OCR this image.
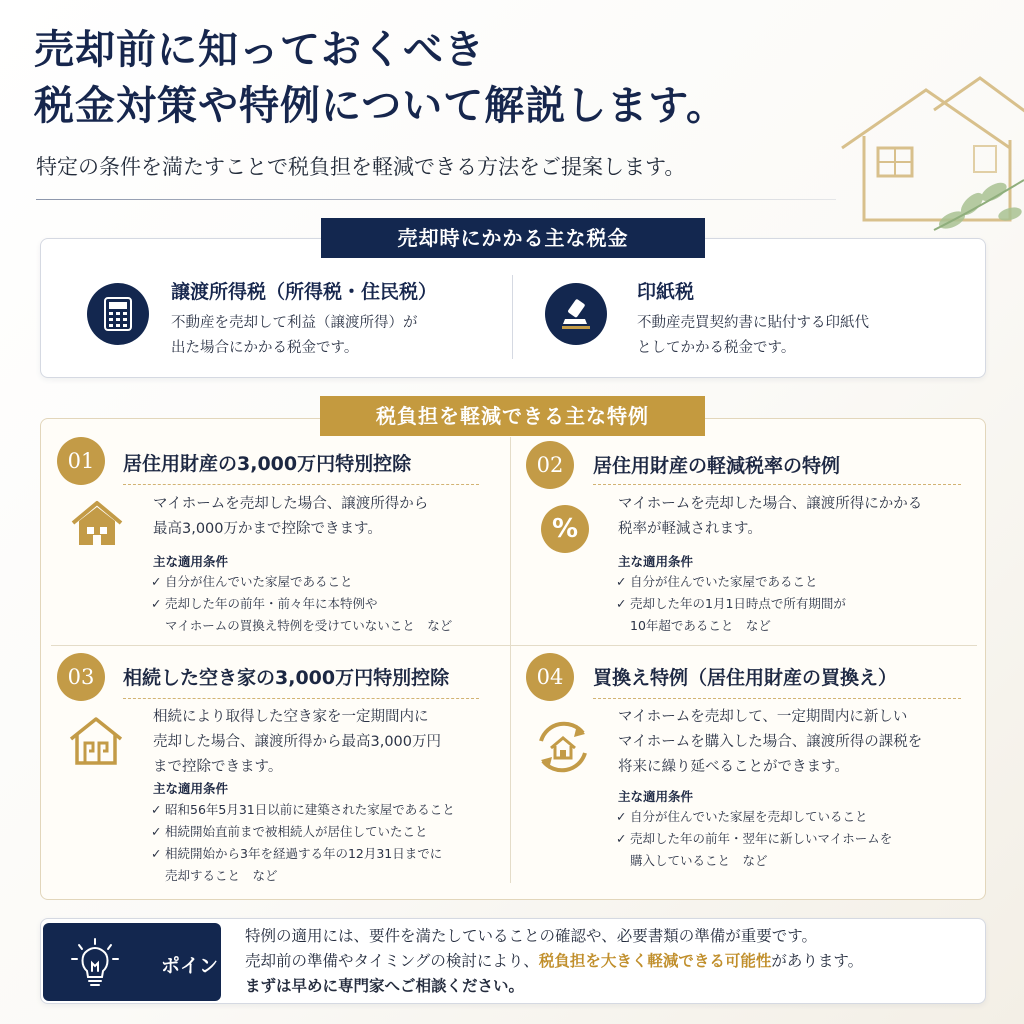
売却前に知っておくべき
税金対策や特例について解説します。

特定の条件を満たすことで税負担を軽減できる方法をご提案します。

売却時にかかる主な税金
譲渡所得税（所得税・住民税）
不動産を売却して利益（譲渡所得）が
出た場合にかかる税金です。
印紙税
不動産売買契約書に貼付する印紙代
としてかかる税金です。
税負担を軽減できる主な特例
01	居住用財産の3,000万円特別控除
マイホームを売却した場合、譲渡所得から
最高3,000万かまで控除できます。
主な適用条件
✓ 自分が住んでいた家屋であること
✓ 売却した年の前年・前々年に本特例や
マイホームの買換え特例を受けていないこと　など
02	居住用財産の軽減税率の特例
%
マイホームを売却した場合、譲渡所得にかかる
税率が軽減されます。
主な適用条件
✓ 自分が住んでいた家屋であること
✓ 売却した年の1月1日時点で所有期間が
10年超であること　など
03	相続した空き家の3,000万円特別控除
相続により取得した空き家を一定期間内に
売却した場合、譲渡所得から最高3,000万円
まで控除できます。
主な適用条件
✓ 昭和56年5月31日以前に建築された家屋であること
✓ 相続開始直前まで被相続人が居住していたこと
✓ 相続開始から3年を経過する年の12月31日までに
売却すること　など
04	買換え特例（居住用財産の買換え）
マイホームを売却して、一定期間内に新しい
マイホームを購入した場合、譲渡所得の課税を
将来に繰り延べることができます。
主な適用条件
✓ 自分が住んでいた家屋を売却していること
✓ 売却した年の前年・翌年に新しいマイホームを
購入していること　など
ポイント
特例の適用には、要件を満たしていることの確認や、必要書類の準備が重要です。
売却前の準備やタイミングの検討により、税負担を大きく軽減できる可能性があります。
まずは早めに専門家へご相談ください。
